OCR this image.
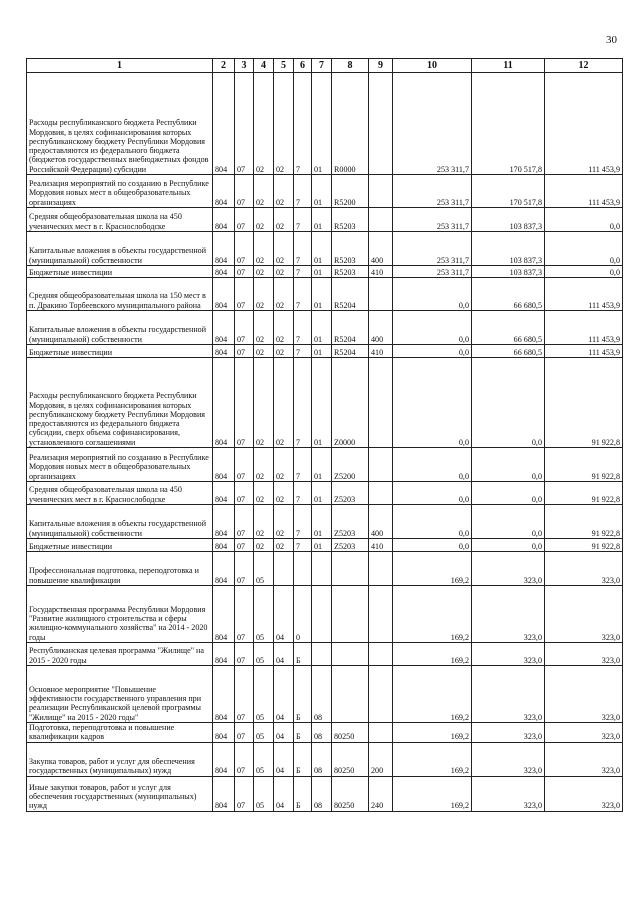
30
1	2	3	4	5	6	7	8	9	10	11	12
Расходы республиканского бюджета Республики Мордовия, в целях софинансирования которых республиканскому бюджету Республики Мордовия предоставляются из федерального бюджета (бюджетов государственных внебюджетных фондов Российской Федерации) субсидии	804	07	02	02	7	01	R0000		253 311,7	170 517,8	111 453,9
Реализация мероприятий по созданию в Республике Мордовия новых мест в общеобразовательных организациях	804	07	02	02	7	01	R5200		253 311,7	170 517,8	111 453,9
Средняя общеобразовательная школа на 450 ученических мест в г. Краснослободске	804	07	02	02	7	01	R5203		253 311,7	103 837,3	0,0
Капитальные вложения в объекты государственной (муниципальной) собственности	804	07	02	02	7	01	R5203	400	253 311,7	103 837,3	0,0
Бюджетные инвестиции	804	07	02	02	7	01	R5203	410	253 311,7	103 837,3	0,0
Средняя общеобразовательная школа на 150 мест в п. Дракино Торбеевского муниципального района	804	07	02	02	7	01	R5204		0,0	66 680,5	111 453,9
Капитальные вложения в объекты государственной (муниципальной) собственности	804	07	02	02	7	01	R5204	400	0,0	66 680,5	111 453,9
Бюджетные инвестиции	804	07	02	02	7	01	R5204	410	0,0	66 680,5	111 453,9
Расходы республиканского бюджета Республики Мордовия, в целях софинансирования которых республиканскому бюджету Республики Мордовия предоставляются из федерального бюджета субсидии, сверх объема софинансирования, установленного соглашениями	804	07	02	02	7	01	Z0000		0,0	0,0	91 922,8
Реализация мероприятий по созданию в Республике Мордовия новых мест в общеобразовательных организациях	804	07	02	02	7	01	Z5200		0,0	0,0	91 922,8
Средняя общеобразовательная школа на 450 ученических мест в г. Краснослободске	804	07	02	02	7	01	Z5203		0,0	0,0	91 922,8
Капитальные вложения в объекты государственной (муниципальной) собственности	804	07	02	02	7	01	Z5203	400	0,0	0,0	91 922,8
Бюджетные инвестиции	804	07	02	02	7	01	Z5203	410	0,0	0,0	91 922,8
Профессиональная подготовка, переподготовка и повышение квалификации	804	07	05						169,2	323,0	323,0
Государственная программа Республики Мордовия "Развитие жилищного строительства и сферы жилищно-коммунального хозяйства" на 2014 - 2020 годы	804	07	05	04	0				169,2	323,0	323,0
Республиканская целевая программа "Жилище" на 2015 - 2020 годы	804	07	05	04	Б				169,2	323,0	323,0
Основное мероприятие "Повышение эффективности государственного управления при реализации Республиканской целевой программы "Жилище" на 2015 - 2020 годы"	804	07	05	04	Б	08			169,2	323,0	323,0
Подготовка, переподготовка и повышение квалификации кадров	804	07	05	04	Б	08	80250		169,2	323,0	323,0
Закупка товаров, работ и услуг для обеспечения государственных (муниципальных) нужд	804	07	05	04	Б	08	80250	200	169,2	323,0	323,0
Иные закупки товаров, работ и услуг для обеспечения государственных (муниципальных) нужд	804	07	05	04	Б	08	80250	240	169,2	323,0	323,0
